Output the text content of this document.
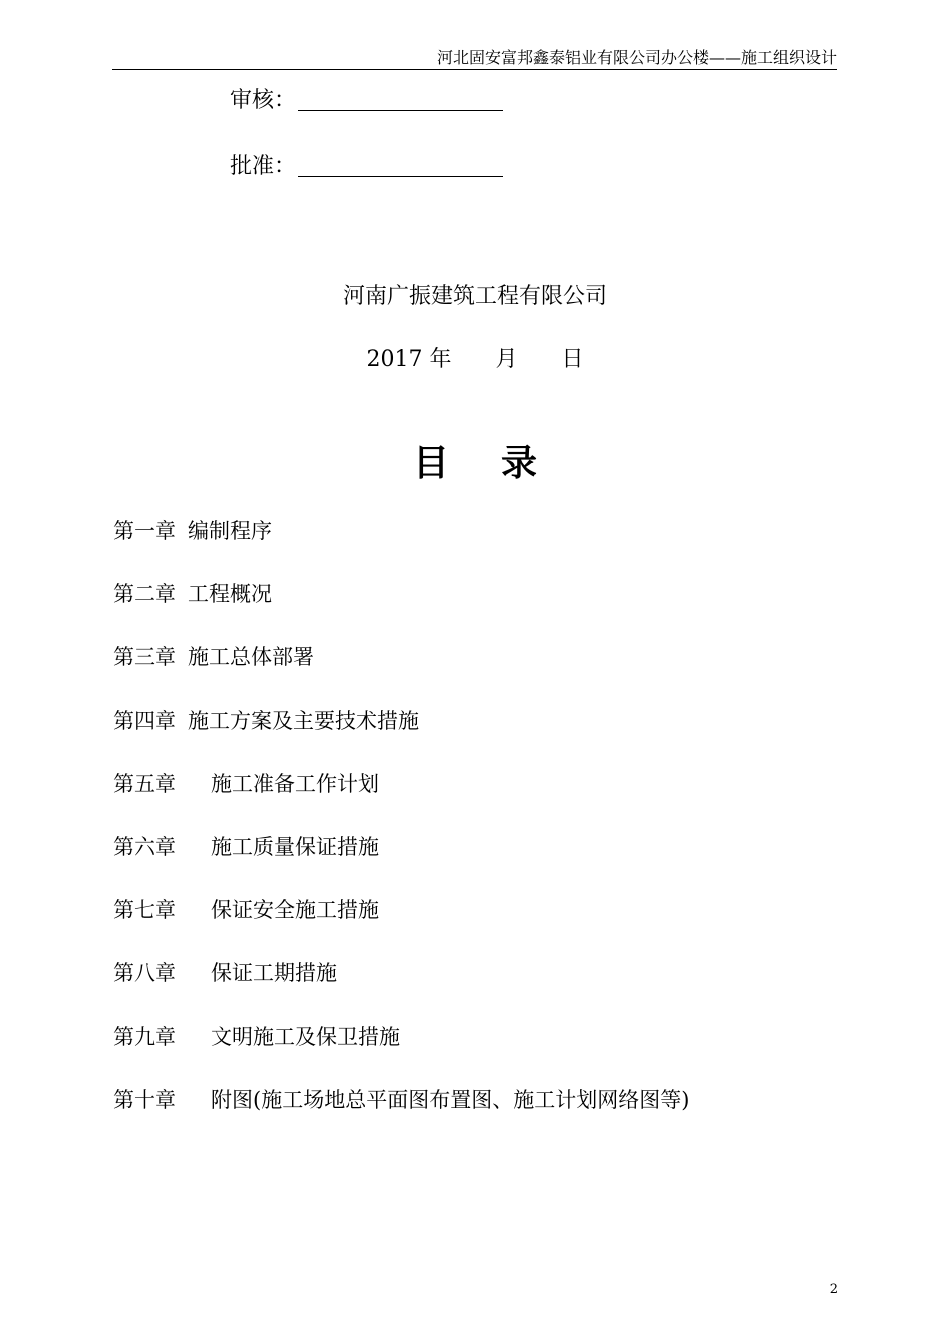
河北固安富邦鑫泰铝业有限公司办公楼——施工组织设计
审核：
批准：
河南广振建筑工程有限公司
2017 年 月 日
目 录
第一章 编制程序
第二章 工程概况
第三章 施工总体部署
第四章 施工方案及主要技术措施
第五章 施工准备工作计划
第六章 施工质量保证措施
第七章 保证安全施工措施
第八章 保证工期措施
第九章 文明施工及保卫措施
第十章 附图(施工场地总平面图布置图、施工计划网络图等)
2
